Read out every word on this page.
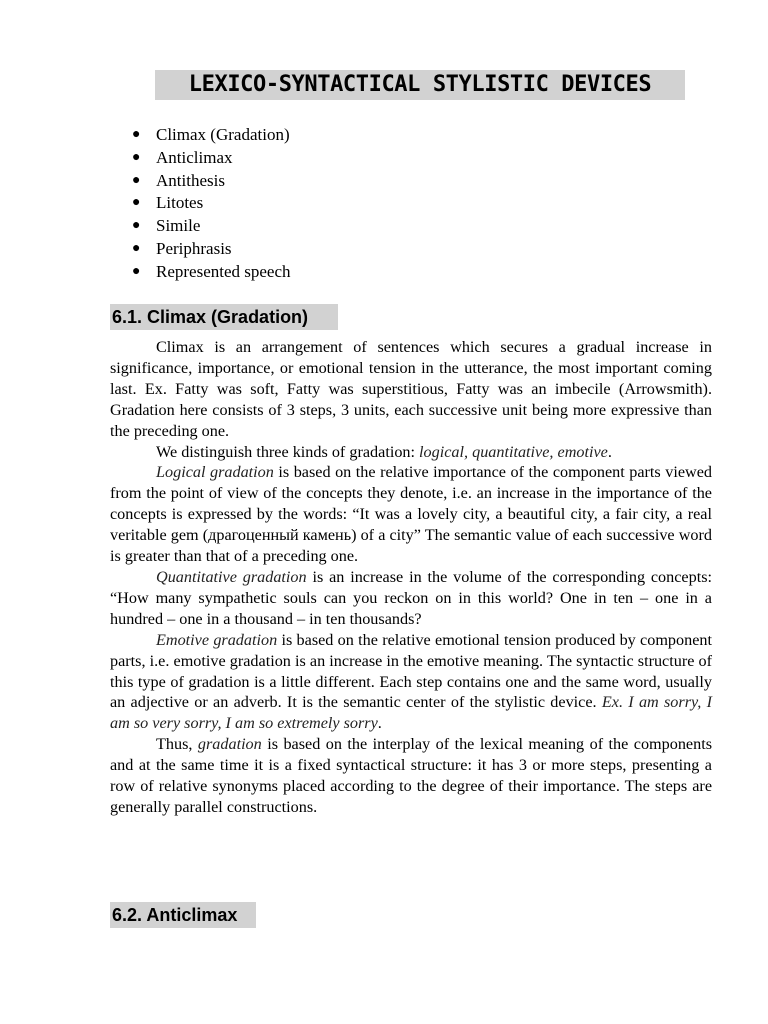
LEXICO-SYNTACTICAL STYLISTIC DEVICES
● Climax (Gradation)
● Anticlimax
● Antithesis
● Litotes
● Simile
● Periphrasis
● Represented speech
6.1. Climax (Gradation)

Climax is an arrangement of sentences which secures a gradual increase in significance, importance, or emotional tension in the utterance, the most important coming last. Ex. Fatty was soft, Fatty was superstitious, Fatty was an imbecile (Arrowsmith). Gradation here consists of 3 steps, 3 units, each successive unit being more expressive than the preceding one.

We distinguish three kinds of gradation: logical, quantitative, emotive.

Logical gradation is based on the relative importance of the component parts viewed from the point of view of the concepts they denote, i.e. an increase in the importance of the concepts is expressed by the words: “It was a lovely city, a beautiful city, a fair city, a real veritable gem (драгоценный камень) of a city” The semantic value of each successive word is greater than that of a preceding one.

Quantitative gradation is an increase in the volume of the corresponding concepts: “How many sympathetic souls can you reckon on in this world? One in ten – one in a hundred – one in a thousand – in ten thousands?

Emotive gradation is based on the relative emotional tension produced by component parts, i.e. emotive gradation is an increase in the emotive meaning. The syntactic structure of this type of gradation is a little different. Each step contains one and the same word, usually an adjective or an adverb. It is the semantic center of the stylistic device. Ex. I am sorry, I am so very sorry, I am so extremely sorry.

Thus, gradation is based on the interplay of the lexical meaning of the components and at the same time it is a fixed syntactical structure: it has 3 or more steps, presenting a row of relative synonyms placed according to the degree of their importance. The steps are generally parallel constructions.

6.2. Anticlimax
